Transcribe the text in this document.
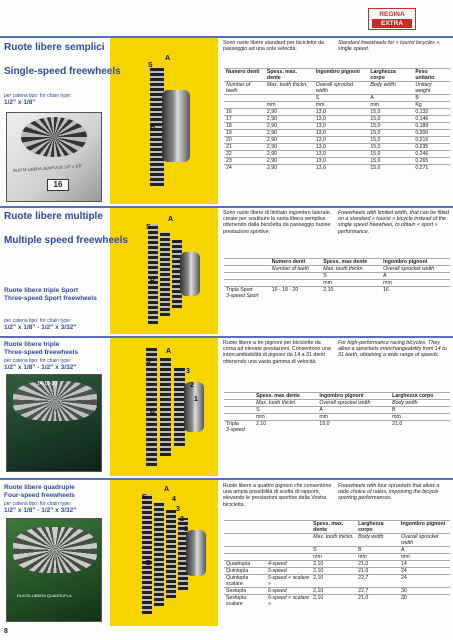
REGINA
EXTRA
S
A
B
S
A
B
S
A
B
3
2
1
S
A
B
4
3
2
1
Ruote libere semplici
Single-speed freewheels
per catena tipo: for chain type:
1/2" x 1/8"
RUOTA LIBERA SEMPLICE 1/2" x 1/8"
16
Sono ruote libere standard per biciclette da passeggio ad una sola velocità.
Standard freewheels for « tourist bicycles », single speed.
Numero denti	Spess. max. dente	Ingombro pignoni	Larghezza corpo	Peso unitario
Number of teeth	Max. tooth thickn.	Overall sprocket width	Body width	Unitary weight
		S	A	B
	mm	mm	mm	Kg
16	2,90	13,0	15,0	0,132
17	2,90	13,0	15,0	0,146
18	2,90	13,0	15,0	0,189
19	2,90	13,0	15,0	0,200
20	2,90	13,0	15,0	0,216
21	2,90	13,0	15,0	0,235
22	2,90	13,0	15,0	0,246
23	2,90	13,0	15,0	0,265
24	2,90	13,0	15,0	0,271
Ruote libere multiple
Multiple speed freewheels
Ruote libere triple Sport
Three-speed Sport freewheels
per catena tipo: for chain type:
1/2" x 1/8" - 1/2" x 3/32"
Sono ruote libere di limitato ingombro laterale, create per sostituire la ruota libera semplice ottenendo dalla bicicletta da passeggio buone prestazioni sportive.
Freewheels with limited width, that can be fitted on a standard « tourist » bicycle instead of the single speed freewheel, to obtain « sport » performance.
	Numero denti	Spess. max dente	Ingombro pignoni
	Number of teeth	Max. tooth thickn.	Overall sprocket width
		S	A
		mm	mm
Tripla Sport
3-speed Sport	16 - 18 - 20	2,10	16
Ruote libere triple
Three-speed freewheels
per catena tipo: for chain type:
1/2" x 1/8" - 1/2" x 3/32"
14-18-20
Ruote libere a tre pignoni per biciclette da corsa ad elevate prestazioni. Consentono una intercambiabilità di pignoni da 14 a 31 denti ottenendo una vasta gamma di velocità.
For high-performance racing bicycles. They allow a sprockets interchangeability from 14 to 31 teeth, obtaining a wide range of speeds.
	Spess. max dente	Ingombro pignoni	Larghezza corpo
	Max. tooth thickn.	Overall sprocket width	Body width
	S	A	B
	mm	mm	mm
Tripla
3-speed	2,10	19,0	21,0
Ruote libere quadruple
Four-speed freewheels
per catena tipo: for chain type:
1/2" x 1/8" - 1/2" x 3/32"
RUOTA LIBERA QUADRUPLA
Ruote libere a quattro pignoni che consentono una ampia possibilità di scelta di rapporti, elevando le prestazioni sportive della Vostra bicicletta.
Freewheels with four sprockets that allow a wide choice of ratios, improving the bicycle sporting performances.
		Spess. max. dente	Larghezza corpo	Ingombro pignoni
		Max. tooth thickn.	Body width	Overall sprocket width
		S	B	A
		mm	mm	mm
Quadrupla	4-speed	2,10	21,0	14
Quintupla	5-speed	2,10	21,0	24
Quintupla scalare	5-speed « scalare »	2,10	22,7	24
Sestupla	6-speed	2,10	22,7	30
Sestupla scalare	6-speed « scalare »	2,10	21,0	30
8
